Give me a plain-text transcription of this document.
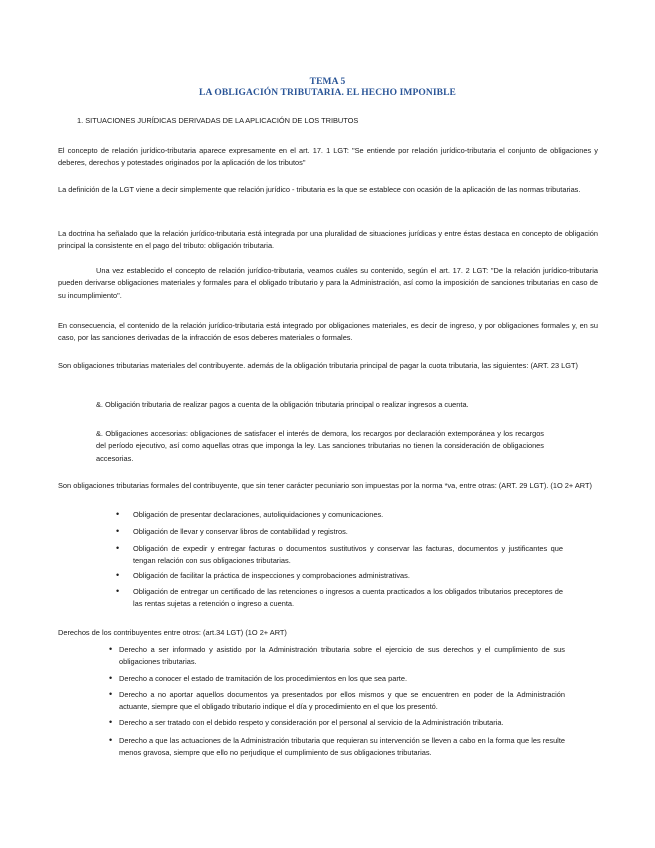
TEMA 5
LA OBLIGACIÓN TRIBUTARIA. EL HECHO IMPONIBLE
1. SITUACIONES JURÍDICAS DERIVADAS DE LA APLICACIÓN DE LOS TRIBUTOS
El concepto de relación jurídico-tributaria aparece expresamente en el art. 17. 1 LGT: "Se entiende por relación jurídico-tributaria el conjunto de obligaciones y deberes, derechos y potestades originados por la aplicación de los tributos"
La definición de la LGT viene a decir simplemente que relación jurídico - tributaria es la que se establece con ocasión de la aplicación de las normas tributarias.
La doctrina ha señalado que la relación jurídico-tributaria está integrada por una pluralidad de situaciones jurídicas y entre éstas destaca en concepto de obligación principal la consistente en el pago del tributo: obligación tributaria.
Una vez establecido el concepto de relación jurídico-tributaria, veamos cuáles su contenido, según el art. 17. 2 LGT: "De la relación jurídico-tributaria pueden derivarse obligaciones materiales y formales para el obligado tributario y para la Administración, así como la imposición de sanciones tributarias en caso de su incumplimiento".
En consecuencia, el contenido de la relación jurídico-tributaria está integrado por obligaciones materiales, es decir de ingreso, y por obligaciones formales y, en su caso, por las sanciones derivadas de la infracción de esos deberes materiales o formales.
Son obligaciones tributarias materiales del contribuyente. además de la obligación tributaria principal de pagar la cuota tributaria, las siguientes: (ART. 23 LGT)
&. Obligación tributaria de realizar pagos a cuenta de la obligación tributaria principal o realizar ingresos a cuenta.
&. Obligaciones accesorias: obligaciones de satisfacer el interés de demora, los recargos por declaración extemporánea y los recargos del período ejecutivo, así como aquellas otras que imponga la ley. Las sanciones tributarias no tienen la consideración de obligaciones accesorias.
Son obligaciones tributarias formales del contribuyente, que sin tener carácter pecuniario son impuestas por la norma *va, entre otras: (ART. 29 LGT). (1O 2+ ART)
• Obligación de presentar declaraciones, autoliquidaciones y comunicaciones.
• Obligación de llevar y conservar libros de contabilidad y registros.
• Obligación de expedir y entregar facturas o documentos sustitutivos y conservar las facturas, documentos y justificantes que tengan relación con sus obligaciones tributarias.
• Obligación de facilitar la práctica de inspecciones y comprobaciones administrativas.
• Obligación de entregar un certificado de las retenciones o ingresos a cuenta practicados a los obligados tributarios preceptores de las rentas sujetas a retención o ingreso a cuenta.
Derechos de los contribuyentes entre otros: (art.34 LGT) (1O 2+ ART)
• Derecho a ser informado y asistido por la Administración tributaria sobre el ejercicio de sus derechos y el cumplimiento de sus obligaciones tributarias.
• Derecho a conocer el estado de tramitación de los procedimientos en los que sea parte.
• Derecho a no aportar aquellos documentos ya presentados por ellos mismos y que se encuentren en poder de la Administración actuante, siempre que el obligado tributario indique el día y procedimiento en el que los presentó.
• Derecho a ser tratado con el debido respeto y consideración por el personal al servicio de la Administración tributaria.
• Derecho a que las actuaciones de la Administración tributaria que requieran su intervención se lleven a cabo en la forma que les resulte menos gravosa, siempre que ello no perjudique el cumplimiento de sus obligaciones tributarias.
